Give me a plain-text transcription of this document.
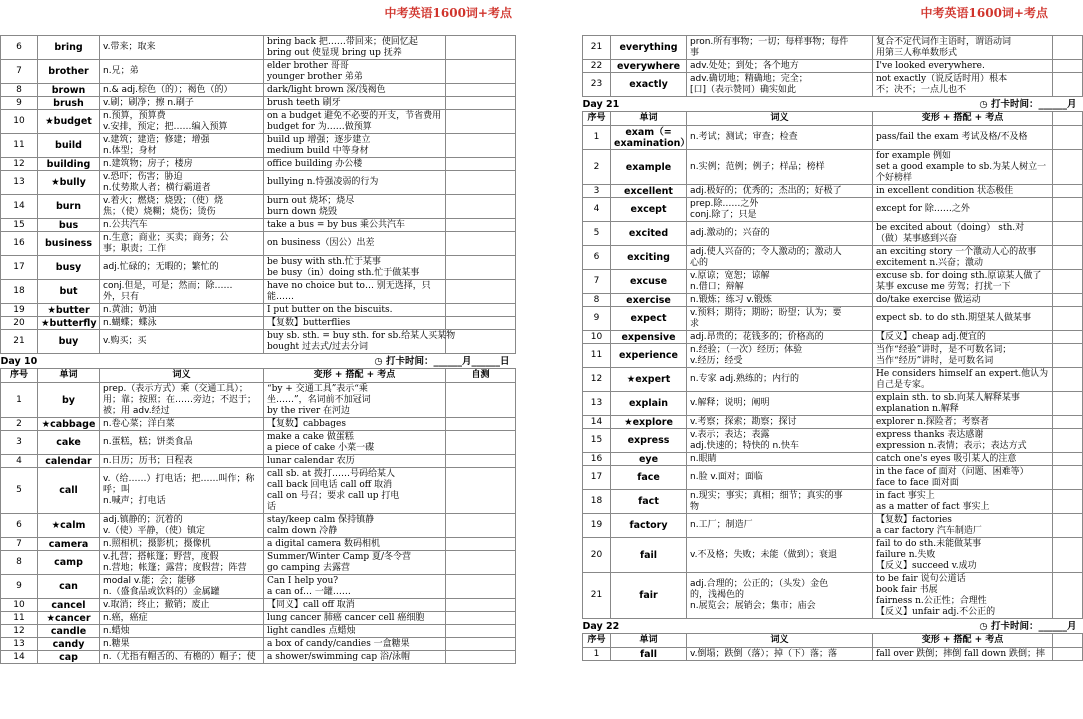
中考英语1600词+考点
6	bring	v.带来；取来	bring back 把……带回来；使回忆起
bring out 使显现 bring up 抚养	

7	brother	n.兄；弟	elder brother 哥哥
younger brother 弟弟	

8	brown	n.& adj.棕色（的）；褐色（的）	dark/light brown 深/浅褐色	

9	brush	v.刷；刷净；擦 n.刷子	brush teeth 刷牙	

10	★budget	n.预算，预算费
v.安排，预定；把……编入预算	on a budget 避免不必要的开支，节省费用
budget for 为……做预算	

11	build	v.建筑；建造；修建；增强
n.体型；身材	build up 增强；逐步建立
medium build 中等身材	

12	building	n.建筑物；房子；楼房	office building 办公楼	

13	★bully	v.恐吓；伤害；胁迫
n.仗势欺人者；横行霸道者	bullying n.恃强凌弱的行为	

14	burn	v.着火；燃烧；烧毁；（使）烧
焦；（使）烧糊；烧伤；烫伤	burn out 烧坏；烧尽
burn down 烧毁	

15	bus	n.公共汽车	take a bus = by bus 乘公共汽车	

16	business	n.生意；商业；买卖；商务；公
事；职责；工作	on business（因公）出差	

17	busy	adj.忙碌的；无暇的；繁忙的	be busy with sth.忙于某事
be busy（in）doing sth.忙于做某事	

18	but	conj.但是，可是；然而；除……
外，只有	have no choice but to… 别无选择，只
能……	

19	★butter	n.黄油；奶油	I put butter on the biscuits.	

20	★butterfly	n.蝴蝶；蝶泳	【复数】butterflies	

21	buy	v.购买；买	buy sb. sth. = buy sth. for sb.给某人买某物
bought 过去式/过去分词	

Day 10			◷ 打卡时间：______月______日	
序号	单词	词义	变形 + 搭配 + 考点	自测
1	by	prep.（表示方式）乘（交通工具）；
用；靠；按照；在……旁边；不迟于；
被；用 adv.经过	“by + 交通工具”表示“乘
坐……”，名词前不加冠词
by the river 在河边	

2	★cabbage	n.卷心菜；洋白菜	【复数】cabbages	

3	cake	n.蛋糕，糕；饼类食品	make a cake 做蛋糕
a piece of cake 小菜一碟	

4	calendar	n.日历；历书；日程表	lunar calendar 农历	

5	call	v.（给……）打电话；把……叫作；称
呼；叫
n.喊声；打电话	call sb. at 拨打……号码给某人
call back 回电话 call off 取消
call on 号召；要求 call up 打电
话	

6	★calm	adj.镇静的；沉着的
v.（使）平静，（使）镇定	stay/keep calm 保持镇静
calm down 冷静	

7	camera	n.照相机；摄影机；摄像机	a digital camera 数码相机	

8	camp	v.扎营；搭帐篷；野营，度假
n.营地；帐篷；露营；度假营；阵营	Summer/Winter Camp 夏/冬令营
go camping 去露营	

9	can	modal v.能；会；能够
n.（盛食品或饮料的）金属罐	Can I help you?
a can of… 一罐……	

10	cancel	v.取消；终止；撤销；废止	【同义】call off 取消	

11	★cancer	n.癌，癌症	lung cancer 肺癌 cancer cell 癌细胞	

12	candle	n.蜡烛	light candles 点蜡烛	

13	candy	n.糖果	a box of candy/candies 一盒糖果	

14	cap	n.（尤指有帽舌的、有檐的）帽子；使	a shower/swimming cap 浴/泳帽	

中考英语1600词+考点
21	everything	pron.所有事物；一切；每样事物；每件
事	复合不定代词作主语时，谓语动词
用第三人称单数形式	

22	everywhere	adv.处处；到处；各个地方	I've looked everywhere.	

23	exactly	adv.确切地；精确地；完全；
[口]（表示赞同）确实如此	not exactly（说反话时用）根本
不；决不；一点儿也不	

Day 21			◷ 打卡时间：______月	
序号	单词	词义	变形 + 搭配 + 考点	
1	exam（=
examination）	n.考试；测试；审查；检查	pass/fail the exam 考试及格/不及格	

2	example	n.实例；范例；例子；样品；榜样	for example 例如
set a good example to sb.为某人树立一
个好榜样	

3	excellent	adj.极好的；优秀的；杰出的；好极了	in excellent condition 状态极佳	

4	except	prep.除……之外
conj.除了；只是	except for 除……之外	

5	excited	adj.激动的；兴奋的	be excited about（doing） sth.对
（做）某事感到兴奋	

6	exciting	adj.使人兴奋的；令人激动的；激动人
心的	an exciting story 一个激动人心的故事
excitement n.兴奋；激动	

7	excuse	v.原谅；宽恕；谅解
n.借口；辩解	excuse sb. for doing sth.原谅某人做了
某事 excuse me 劳驾；打扰一下	

8	exercise	n.锻炼；练习 v.锻炼	do/take exercise 做运动	

9	expect	v.预料；期待；期盼；盼望；认为；要
求	expect sb. to do sth.期望某人做某事	

10	expensive	adj.昂贵的；花钱多的；价格高的	【反义】cheap adj.便宜的	

11	experience	n.经验；（一次）经历；体验
v.经历；经受	当作“经验”讲时，是不可数名词；
当作“经历”讲时，是可数名词	

12	★expert	n.专家 adj.熟练的；内行的	He considers himself an expert.他认为
自己是专家。	

13	explain	v.解释；说明；阐明	explain sth. to sb.向某人解释某事
explanation n.解释	

14	★explore	v.考察；探索；勘察；探讨	explorer n.探险者；考察者	

15	express	v.表示；表达；表露
adj.快速的；特快的 n.快车	express thanks 表达感谢
expression n.表情；表示；表达方式	

16	eye	n.眼睛	catch one's eyes 吸引某人的注意	

17	face	n.脸 v.面对；面临	in the face of 面对（问题、困难等）
face to face 面对面	

18	fact	n.现实；事实；真相；细节；真实的事
物	in fact 事实上
as a matter of fact 事实上	

19	factory	n.工厂；制造厂	【复数】factories
a car factory 汽车制造厂	

20	fail	v.不及格；失败；未能（做到）；衰退	fail to do sth.未能做某事
failure n.失败
【反义】succeed v.成功	

21	fair	adj.合理的；公正的；（头发）金色
的，浅褐色的
n.展览会；展销会；集市；庙会	to be fair 说句公道话
book fair 书展
fairness n.公正性；合理性
【反义】unfair adj.不公正的	

Day 22			◷ 打卡时间：______月	
序号	单词	词义	变形 + 搭配 + 考点	
1	fall	v.倒塌；跌倒（落）；掉（下）落；落	fall over 跌倒；摔倒 fall down 跌倒；摔	
